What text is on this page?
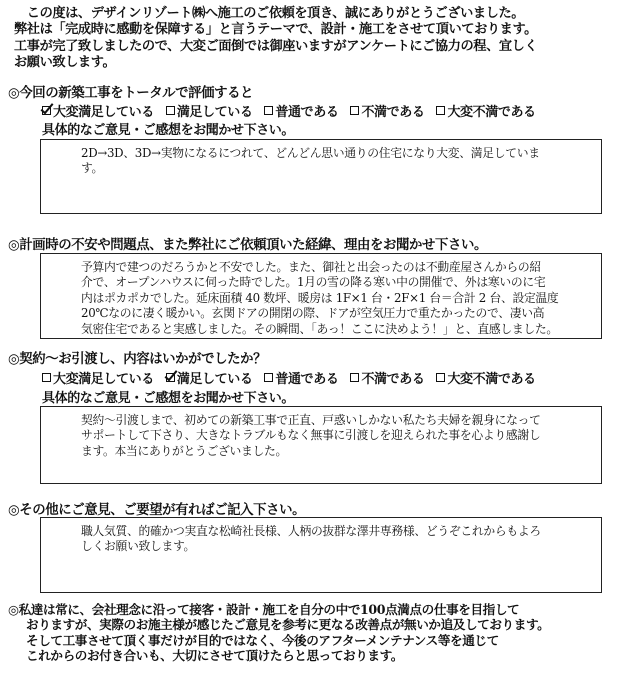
　この度は、デザインリゾート㈱へ施工のご依頼を頂き、誠にありがとうございました。

弊社は「完成時に感動を保障する」と言うテーマで、設計・施工をさせて頂いております。

工事が完了致しましたので、大変ご面倒では御座いますがアンケートにご協力の程、宜しく

お願い致します。

◎今回の新築工事をトータルで評価すると
大変満足している 満足している 普通である 不満である 大変不満である
具体的なご意見・ご感想をお聞かせ下さい。

2D→3D、3D→実物になるにつれて、どんどん思い通りの住宅になり大変、満足していま

す。

◎計画時の不安や問題点、また弊社にご依頼頂いた経緯、理由をお聞かせ下さい。

予算内で建つのだろうかと不安でした。また、御社と出会ったのは不動産屋さんからの紹

介で、オープンハウスに伺った時でした。1月の雪の降る寒い中の開催で、外は寒いのに宅

内はポカポカでした。延床面積 40 数坪、暖房は 1F×1 台・2F×1 台＝合計 2 台、設定温度

20℃なのに凄く暖かい。玄関ドアの開閉の際、ドアが空気圧力で重たかったので、凄い高

気密住宅であると実感しました。その瞬間、「あっ！ここに決めよう！」と、直感しました。

◎契約～お引渡し、内容はいかがでしたか？
大変満足している 満足している 普通である 不満である 大変不満である
具体的なご意見・ご感想をお聞かせ下さい。

契約～引渡しまで、初めての新築工事で正直、戸惑いしかない私たち夫婦を親身になって

サポートして下さり、大きなトラブルもなく無事に引渡しを迎えられた事を心より感謝し

ます。本当にありがとうございました。

◎その他にご意見、ご要望が有ればご記入下さい。

職人気質、的確かつ実直な松崎社長様、人柄の抜群な澤井専務様、どうぞこれからもよろ

しくお願い致します。

◎私達は常に、会社理念に沿って接客・設計・施工を自分の中で100点満点の仕事を目指して

おりますが、実際のお施主様が感じたご意見を参考に更なる改善点が無いか追及しております。

そして工事させて頂く事だけが目的ではなく、今後のアフターメンテナンス等を通じて

これからのお付き合いも、大切にさせて頂けたらと思っております。
